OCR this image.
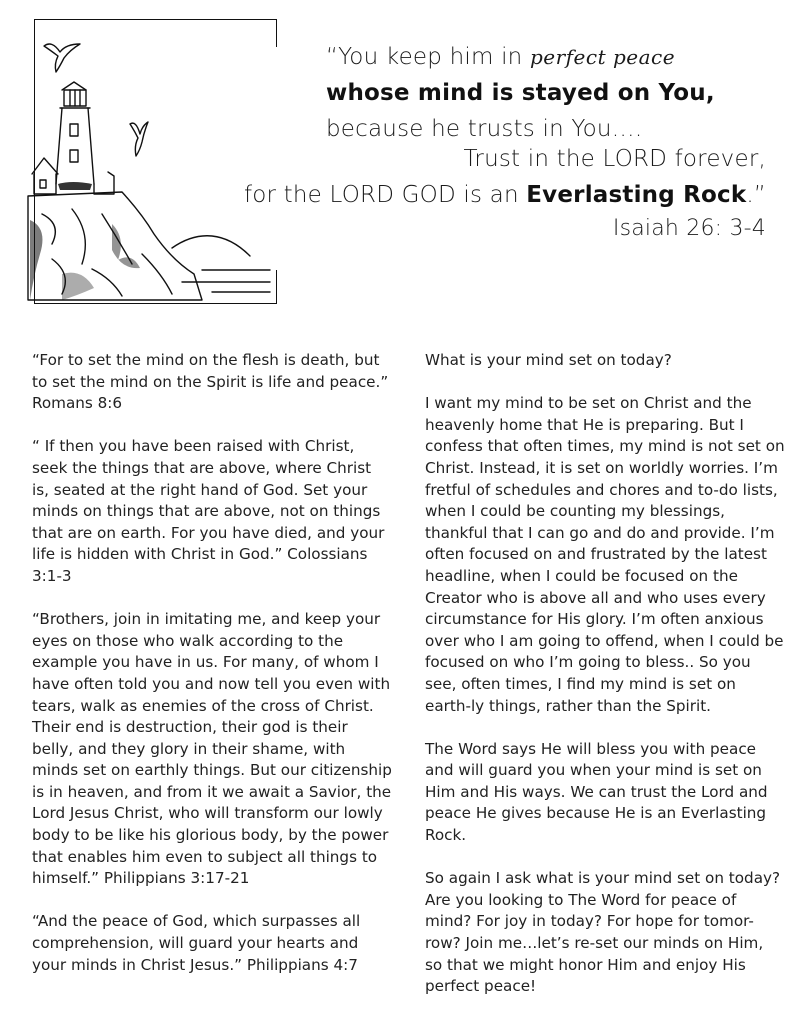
“You keep him in perfect peace
whose mind is stayed on You,
because he trusts in You….
Trust in the LORD forever,
for the LORD GOD is an Everlasting Rock.”
Isaiah 26: 3-4

“For to set the mind on the flesh is death, but to set the mind on the Spirit is life and peace.” Romans 8:6

“ If then you have been raised with Christ, seek the things that are above, where Christ is, seated at the right hand of God. Set your minds on things that are above, not on things that are on earth. For you have died, and your life is hidden with Christ in God.” Colossians 3:1-3

“Brothers, join in imitating me, and keep your eyes on those who walk according to the example you have in us. For many, of whom I have often told you and now tell you even with tears, walk as enemies of the cross of Christ. Their end is destruction, their god is their belly, and they glory in their shame, with minds set on earthly things. But our citizenship is in heaven, and from it we await a Savior, the Lord Jesus Christ, who will transform our lowly body to be like his glorious body, by the power that enables him even to subject all things to himself.” Philippians 3:17-21

“And the peace of God, which surpasses all comprehension, will guard your hearts and your minds in Christ Jesus.” Philippians 4:7

What is your mind set on today?

I want my mind to be set on Christ and the heavenly home that He is preparing. But I confess that often times, my mind is not set on Christ. Instead, it is set on worldly worries. I’m fretful of schedules and chores and to-do lists, when I could be counting my blessings, thankful that I can go and do and provide. I’m often focused on and frustrated by the latest headline, when I could be focused on the Creator who is above all and who uses every circumstance for His glory. I’m often anxious over who I am going to offend, when I could be focused on who I’m going to bless.. So you see, often times, I find my mind is set on earth-ly things, rather than the Spirit.

The Word says He will bless you with peace and will guard you when your mind is set on Him and His ways. We can trust the Lord and peace He gives because He is an Everlasting Rock.

So again I ask what is your mind set on today? Are you looking to The Word for peace of mind? For joy in today? For hope for tomor-row? Join me…let’s re-set our minds on Him, so that we might honor Him and enjoy His perfect peace!
